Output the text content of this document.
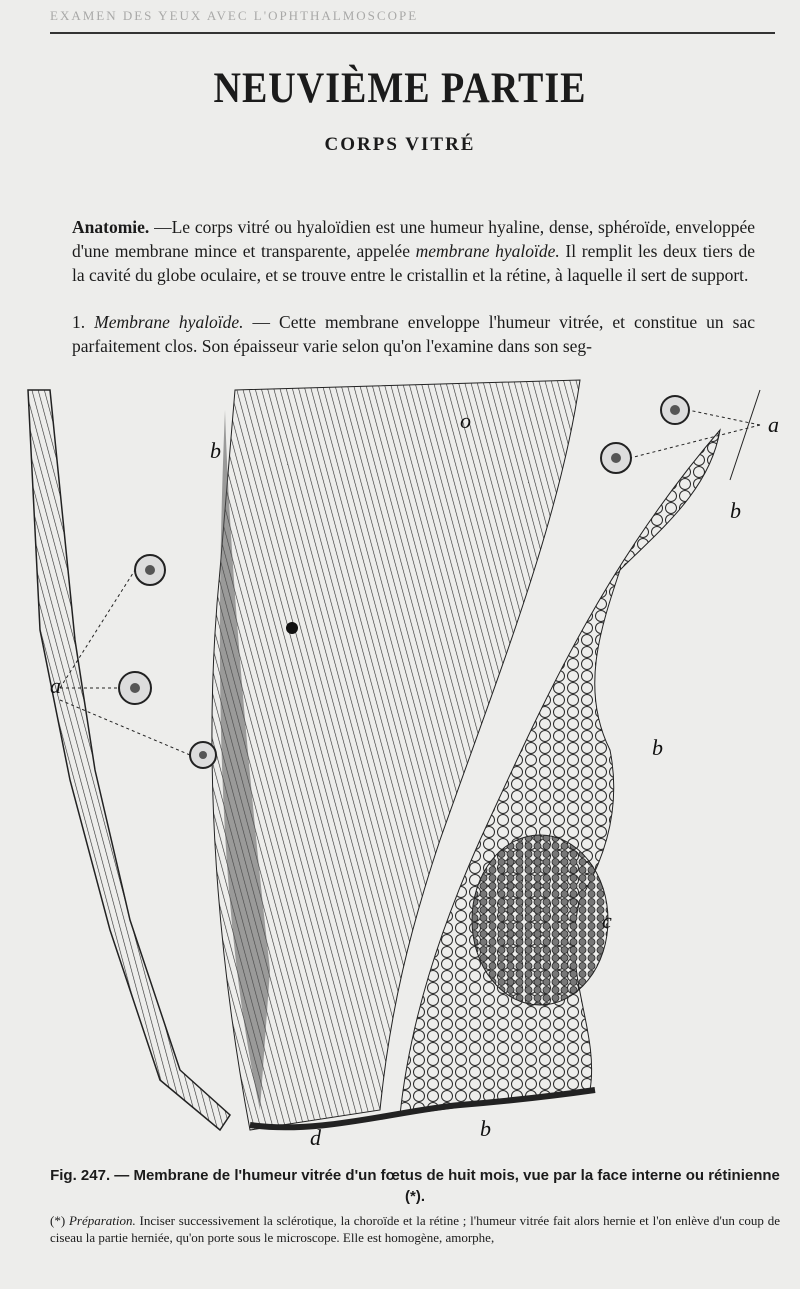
EXAMEN DES YEUX AVEC L'OPHTHALMOSCOPE
NEUVIÈME PARTIE
CORPS VITRÉ
Anatomie. —Le corps vitré ou hyaloïdien est une humeur hyaline, dense, sphéroïde, enveloppée d'une membrane mince et transparente, appelée membrane hyaloïde. Il remplit les deux tiers de la cavité du globe oculaire, et se trouve entre le cristallin et la rétine, à laquelle il sert de support.
1. Membrane hyaloïde. — Cette membrane enveloppe l'humeur vitrée, et constitue un sac parfaitement clos. Son épaisseur varie selon qu'on l'examine dans son seg-
a
a
b
b
b
b
c
d
o
Fig. 247. — Membrane de l'humeur vitrée d'un fœtus de huit mois, vue par la face interne ou rétinienne (*).
(*) Préparation. Inciser successivement la sclérotique, la choroïde et la rétine ; l'humeur vitrée fait alors hernie et l'on enlève d'un coup de ciseau la partie herniée, qu'on porte sous le microscope. Elle est homogène, amorphe,
